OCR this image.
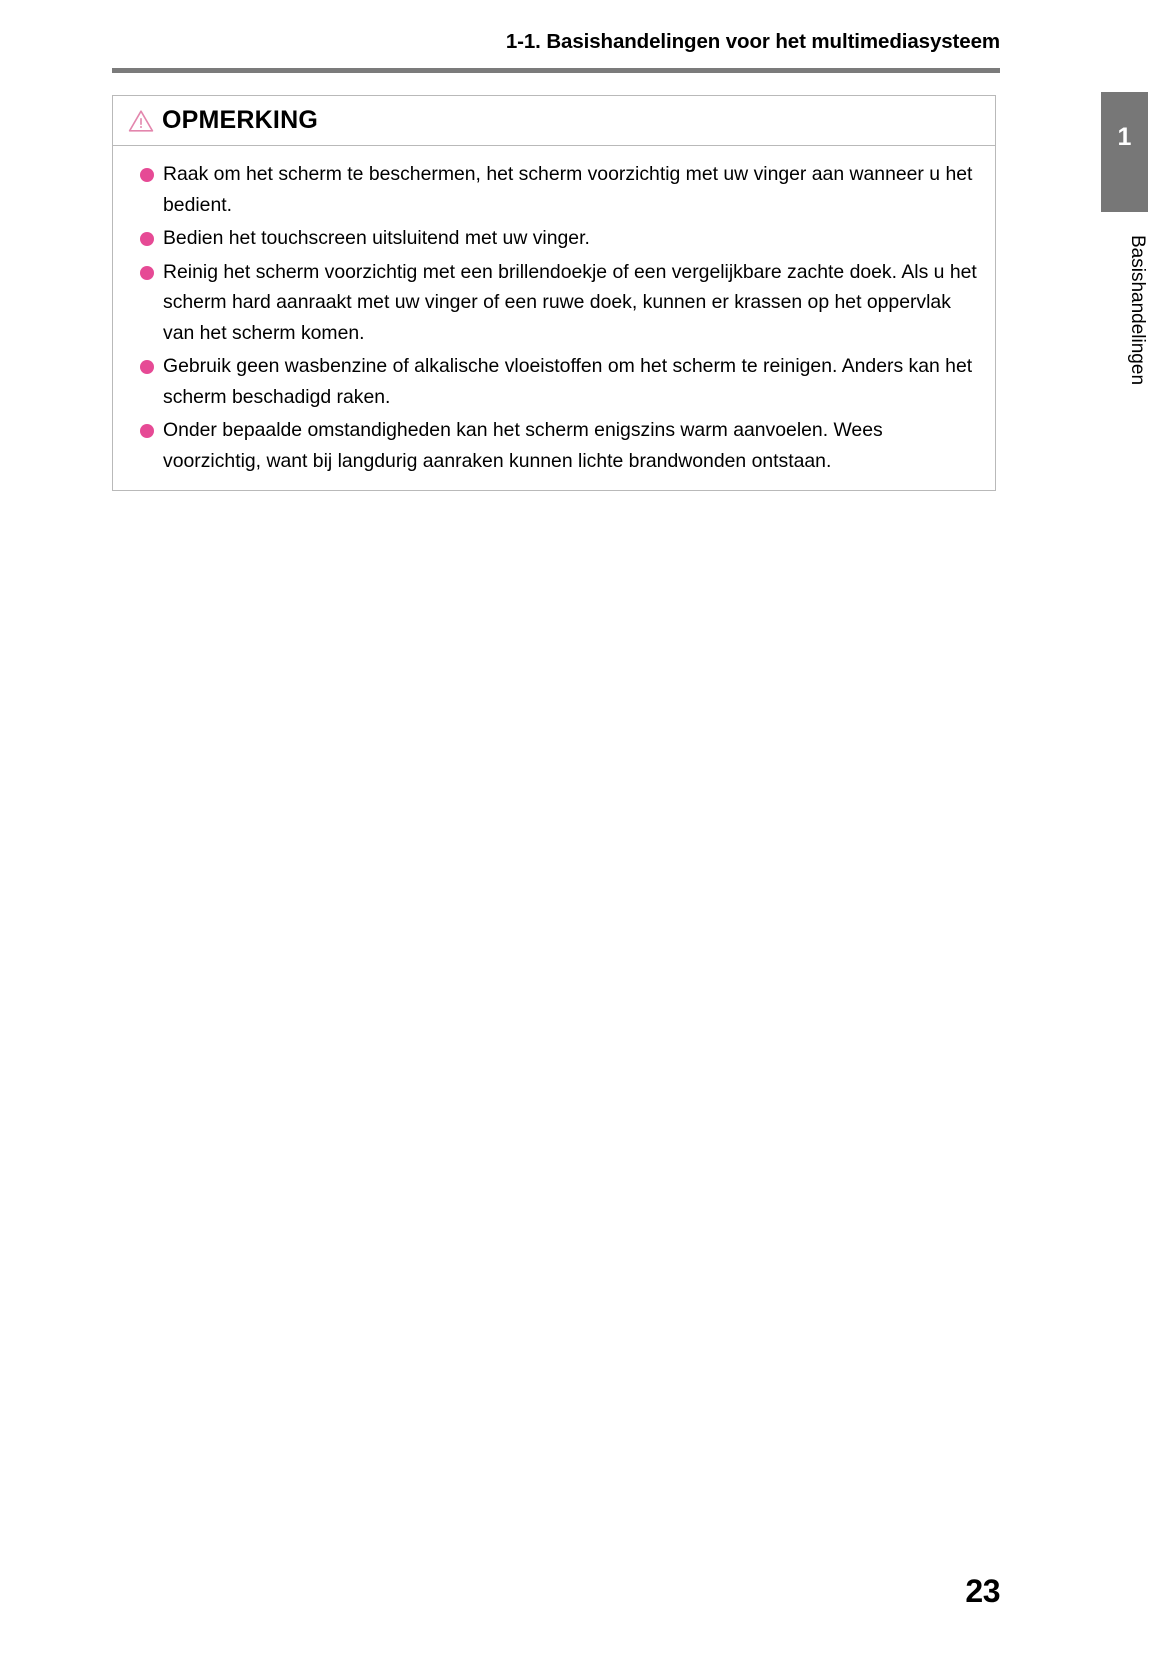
1-1. Basishandelingen voor het multimediasysteem
1
Basishandelingen
OPMERKING
Raak om het scherm te beschermen, het scherm voorzichtig met uw vinger aan wanneer u het bedient.
Bedien het touchscreen uitsluitend met uw vinger.
Reinig het scherm voorzichtig met een brillendoekje of een vergelijkbare zachte doek. Als u het scherm hard aanraakt met uw vinger of een ruwe doek, kunnen er krassen op het oppervlak van het scherm komen.
Gebruik geen wasbenzine of alkalische vloeistoffen om het scherm te reinigen. Anders kan het scherm beschadigd raken.
Onder bepaalde omstandigheden kan het scherm enigszins warm aanvoelen. Wees voorzichtig, want bij langdurig aanraken kunnen lichte brandwonden ontstaan.
23
